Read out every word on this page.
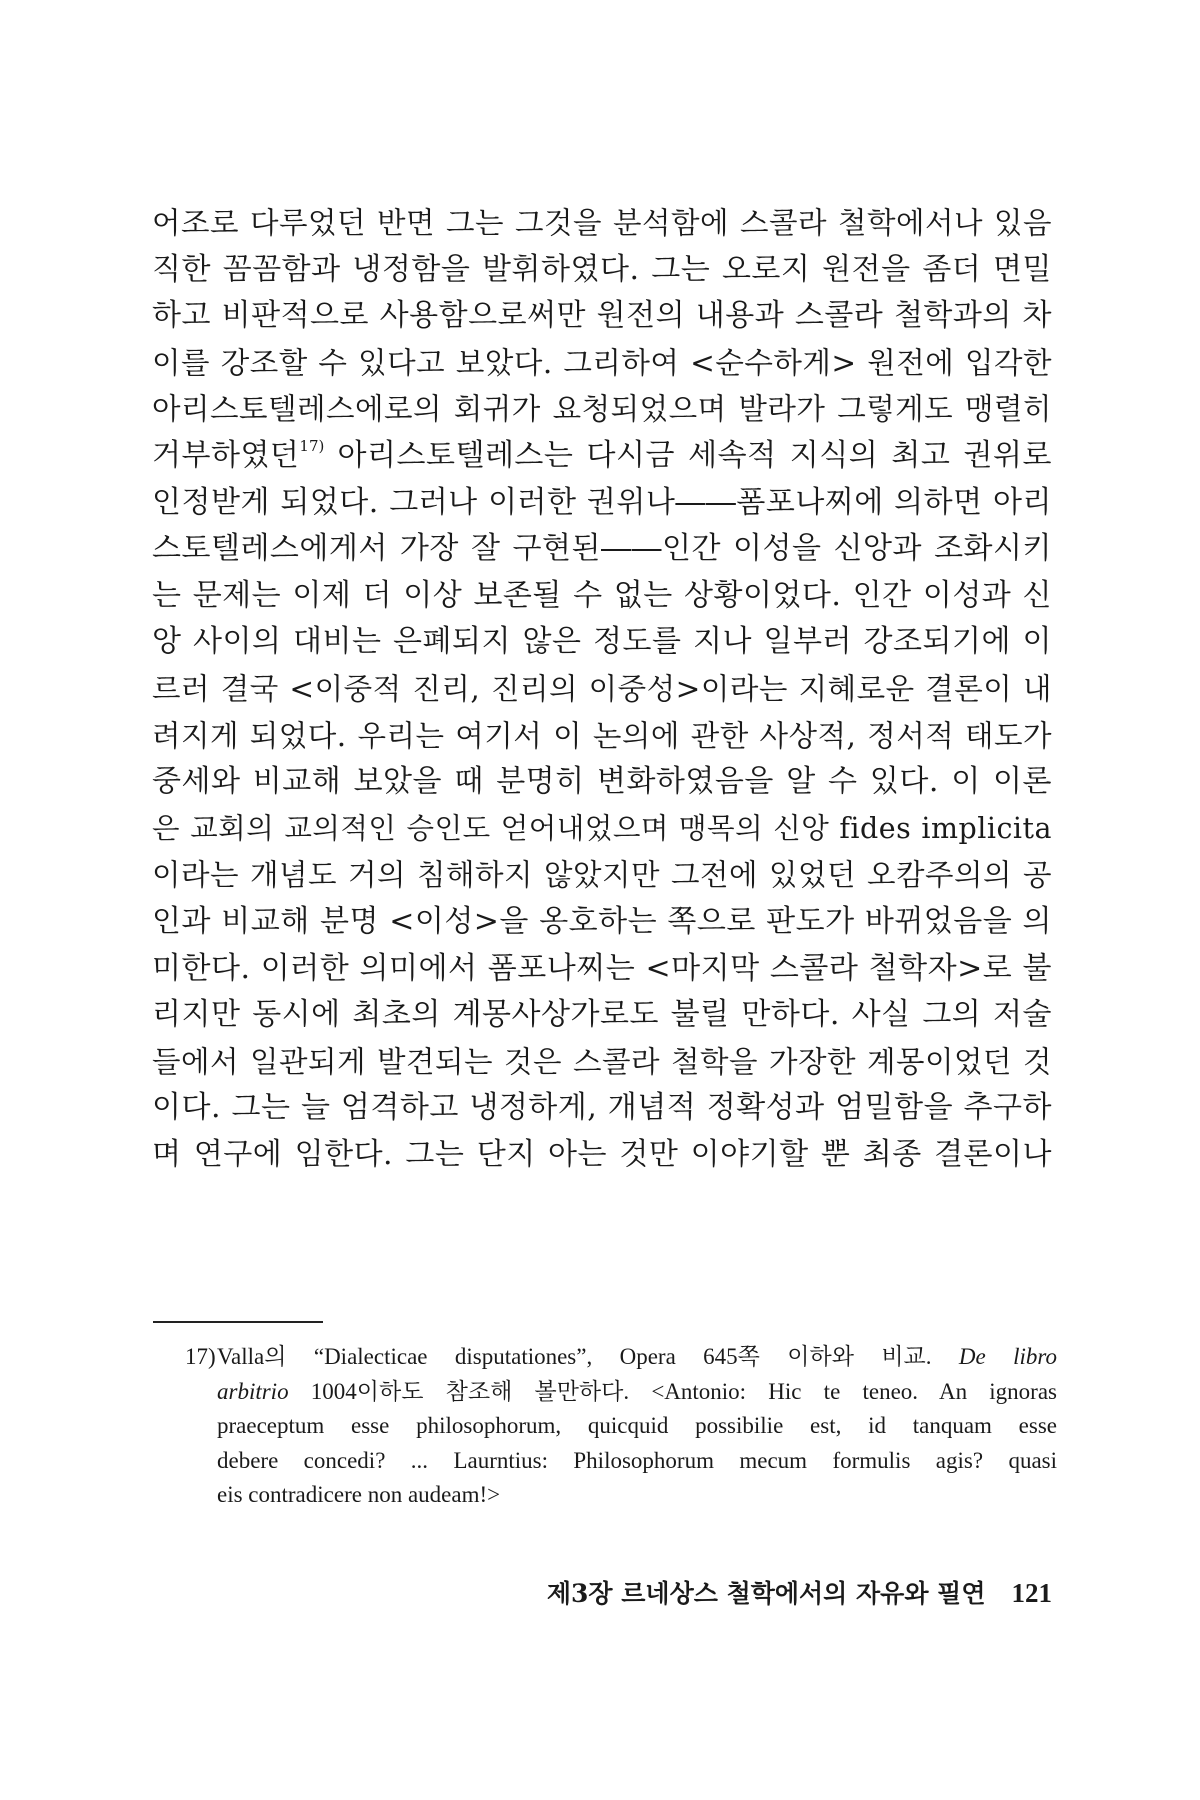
어조로 다루었던 반면 그는 그것을 분석함에 스콜라 철학에서나 있음
직한 꼼꼼함과 냉정함을 발휘하였다. 그는 오로지 원전을 좀더 면밀
하고 비판적으로 사용함으로써만 원전의 내용과 스콜라 철학과의 차
이를 강조할 수 있다고 보았다. 그리하여 <순수하게> 원전에 입각한
아리스토텔레스에로의 회귀가 요청되었으며 발라가 그렇게도 맹렬히
거부하였던$^{17)}$ 아리스토텔레스는 다시금 세속적 지식의 최고 권위로
인정받게 되었다. 그러나 이러한 권위나――폼포나찌에 의하면 아리
스토텔레스에게서 가장 잘 구현된――인간 이성을 신앙과 조화시키
는 문제는 이제 더 이상 보존될 수 없는 상황이었다. 인간 이성과 신
앙 사이의 대비는 은폐되지 않은 정도를 지나 일부러 강조되기에 이
르러 결국 <이중적 진리, 진리의 이중성>이라는 지혜로운 결론이 내
려지게 되었다. 우리는 여기서 이 논의에 관한 사상적, 정서적 태도가
중세와 비교해 보았을 때 분명히 변화하였음을 알 수 있다. 이 이론
은 교회의 교의적인 승인도 얻어내었으며 맹목의 신앙 fides implicita
이라는 개념도 거의 침해하지 않았지만 그전에 있었던 오캄주의의 공
인과 비교해 분명 <이성>을 옹호하는 쪽으로 판도가 바뀌었음을 의
미한다. 이러한 의미에서 폼포나찌는 <마지막 스콜라 철학자>로 불
리지만 동시에 최초의 계몽사상가로도 불릴 만하다. 사실 그의 저술
들에서 일관되게 발견되는 것은 스콜라 철학을 가장한 계몽이었던 것
이다. 그는 늘 엄격하고 냉정하게, 개념적 정확성과 엄밀함을 추구하
며 연구에 임한다. 그는 단지 아는 것만 이야기할 뿐 최종 결론이나
17) Valla의 “Dialecticae disputationes”, Opera 645쪽 이하와 비교. De libro
arbitrio 1004이하도 참조해 볼만하다. <Antonio: Hic te teneo. An ignoras
praeceptum esse philosophorum, quicquid possibilie est, id tanquam esse
debere concedi? ... Laurntius: Philosophorum mecum formulis agis? quasi
eis contradicere non audeam!>
제3장 르네상스 철학에서의 자유와 필연 121
